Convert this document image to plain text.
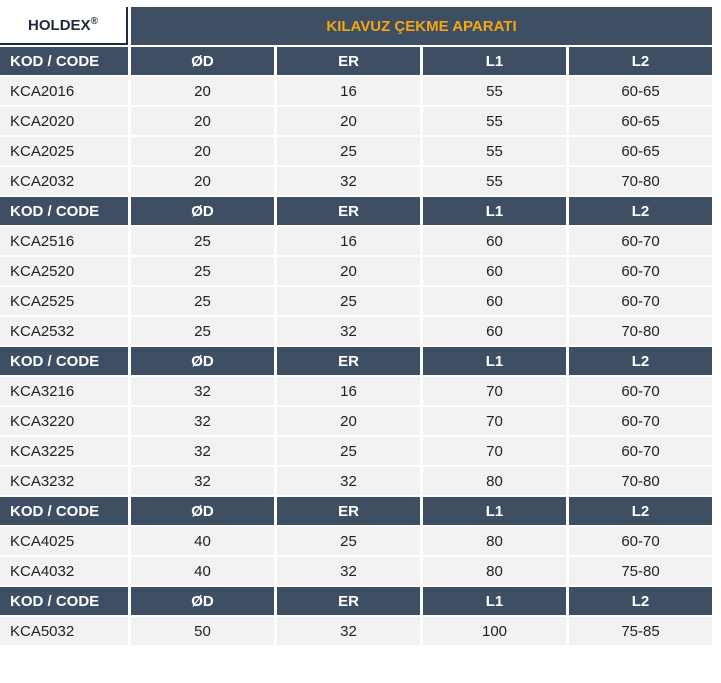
HOLDEX®	KILAVUZ ÇEKME APARATI			
KOD / CODE	ØD	ER	L1	L2
KCA2016	20	16	55	60-65
KCA2020	20	20	55	60-65
KCA2025	20	25	55	60-65
KCA2032	20	32	55	70-80
KOD / CODE	ØD	ER	L1	L2
KCA2516	25	16	60	60-70
KCA2520	25	20	60	60-70
KCA2525	25	25	60	60-70
KCA2532	25	32	60	70-80
KOD / CODE	ØD	ER	L1	L2
KCA3216	32	16	70	60-70
KCA3220	32	20	70	60-70
KCA3225	32	25	70	60-70
KCA3232	32	32	80	70-80
KOD / CODE	ØD	ER	L1	L2
KCA4025	40	25	80	60-70
KCA4032	40	32	80	75-80
KOD / CODE	ØD	ER	L1	L2
KCA5032	50	32	100	75-85
